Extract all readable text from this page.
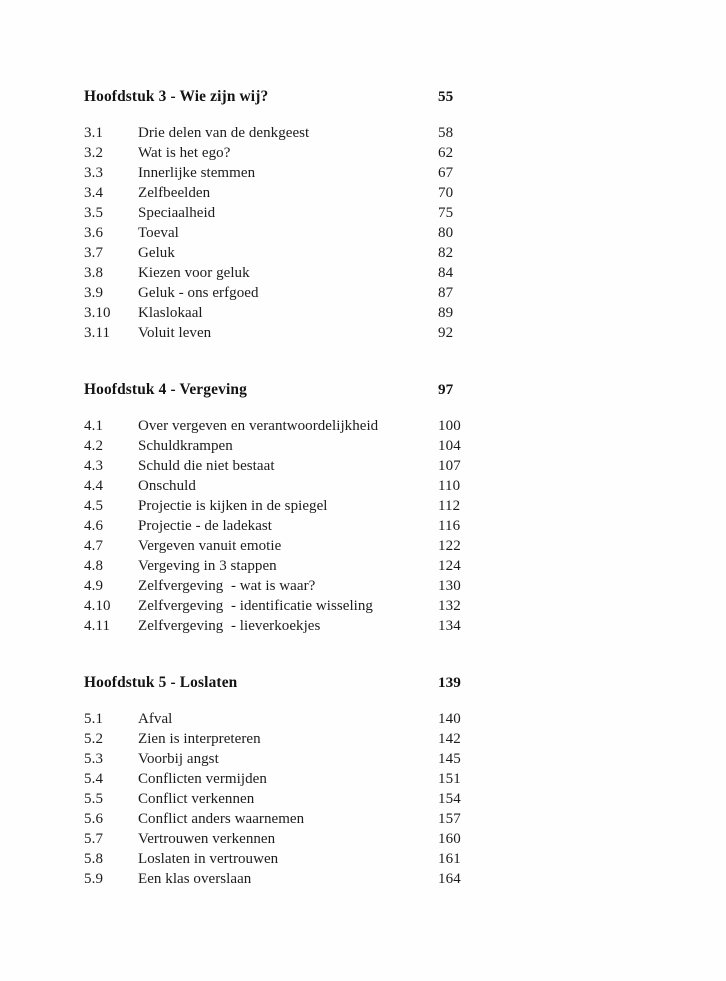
Hoofdstuk 3 - Wie zijn wij?	55
3.1	Drie delen van de denkgeest	58
3.2	Wat is het ego?	62
3.3	Innerlijke stemmen	67
3.4	Zelfbeelden	70
3.5	Speciaalheid	75
3.6	Toeval	80
3.7	Geluk	82
3.8	Kiezen voor geluk	84
3.9	Geluk - ons erfgoed	87
3.10	Klaslokaal	89
3.11	Voluit leven	92
Hoofdstuk 4 - Vergeving	97
4.1	Over vergeven en verantwoordelijkheid	100
4.2	Schuldkrampen	104
4.3	Schuld die niet bestaat	107
4.4	Onschuld	110
4.5	Projectie is kijken in de spiegel	112
4.6	Projectie - de ladekast	116
4.7	Vergeven vanuit emotie	122
4.8	Vergeving in 3 stappen	124
4.9	Zelfvergeving  - wat is waar?	130
4.10	Zelfvergeving  - identificatie wisseling	132
4.11	Zelfvergeving  - lieverkoekjes	134
Hoofdstuk 5 - Loslaten	139
5.1	Afval	140
5.2	Zien is interpreteren	142
5.3	Voorbij angst	145
5.4	Conflicten vermijden	151
5.5	Conflict verkennen	154
5.6	Conflict anders waarnemen	157
5.7	Vertrouwen verkennen	160
5.8	Loslaten in vertrouwen	161
5.9	Een klas overslaan	164
